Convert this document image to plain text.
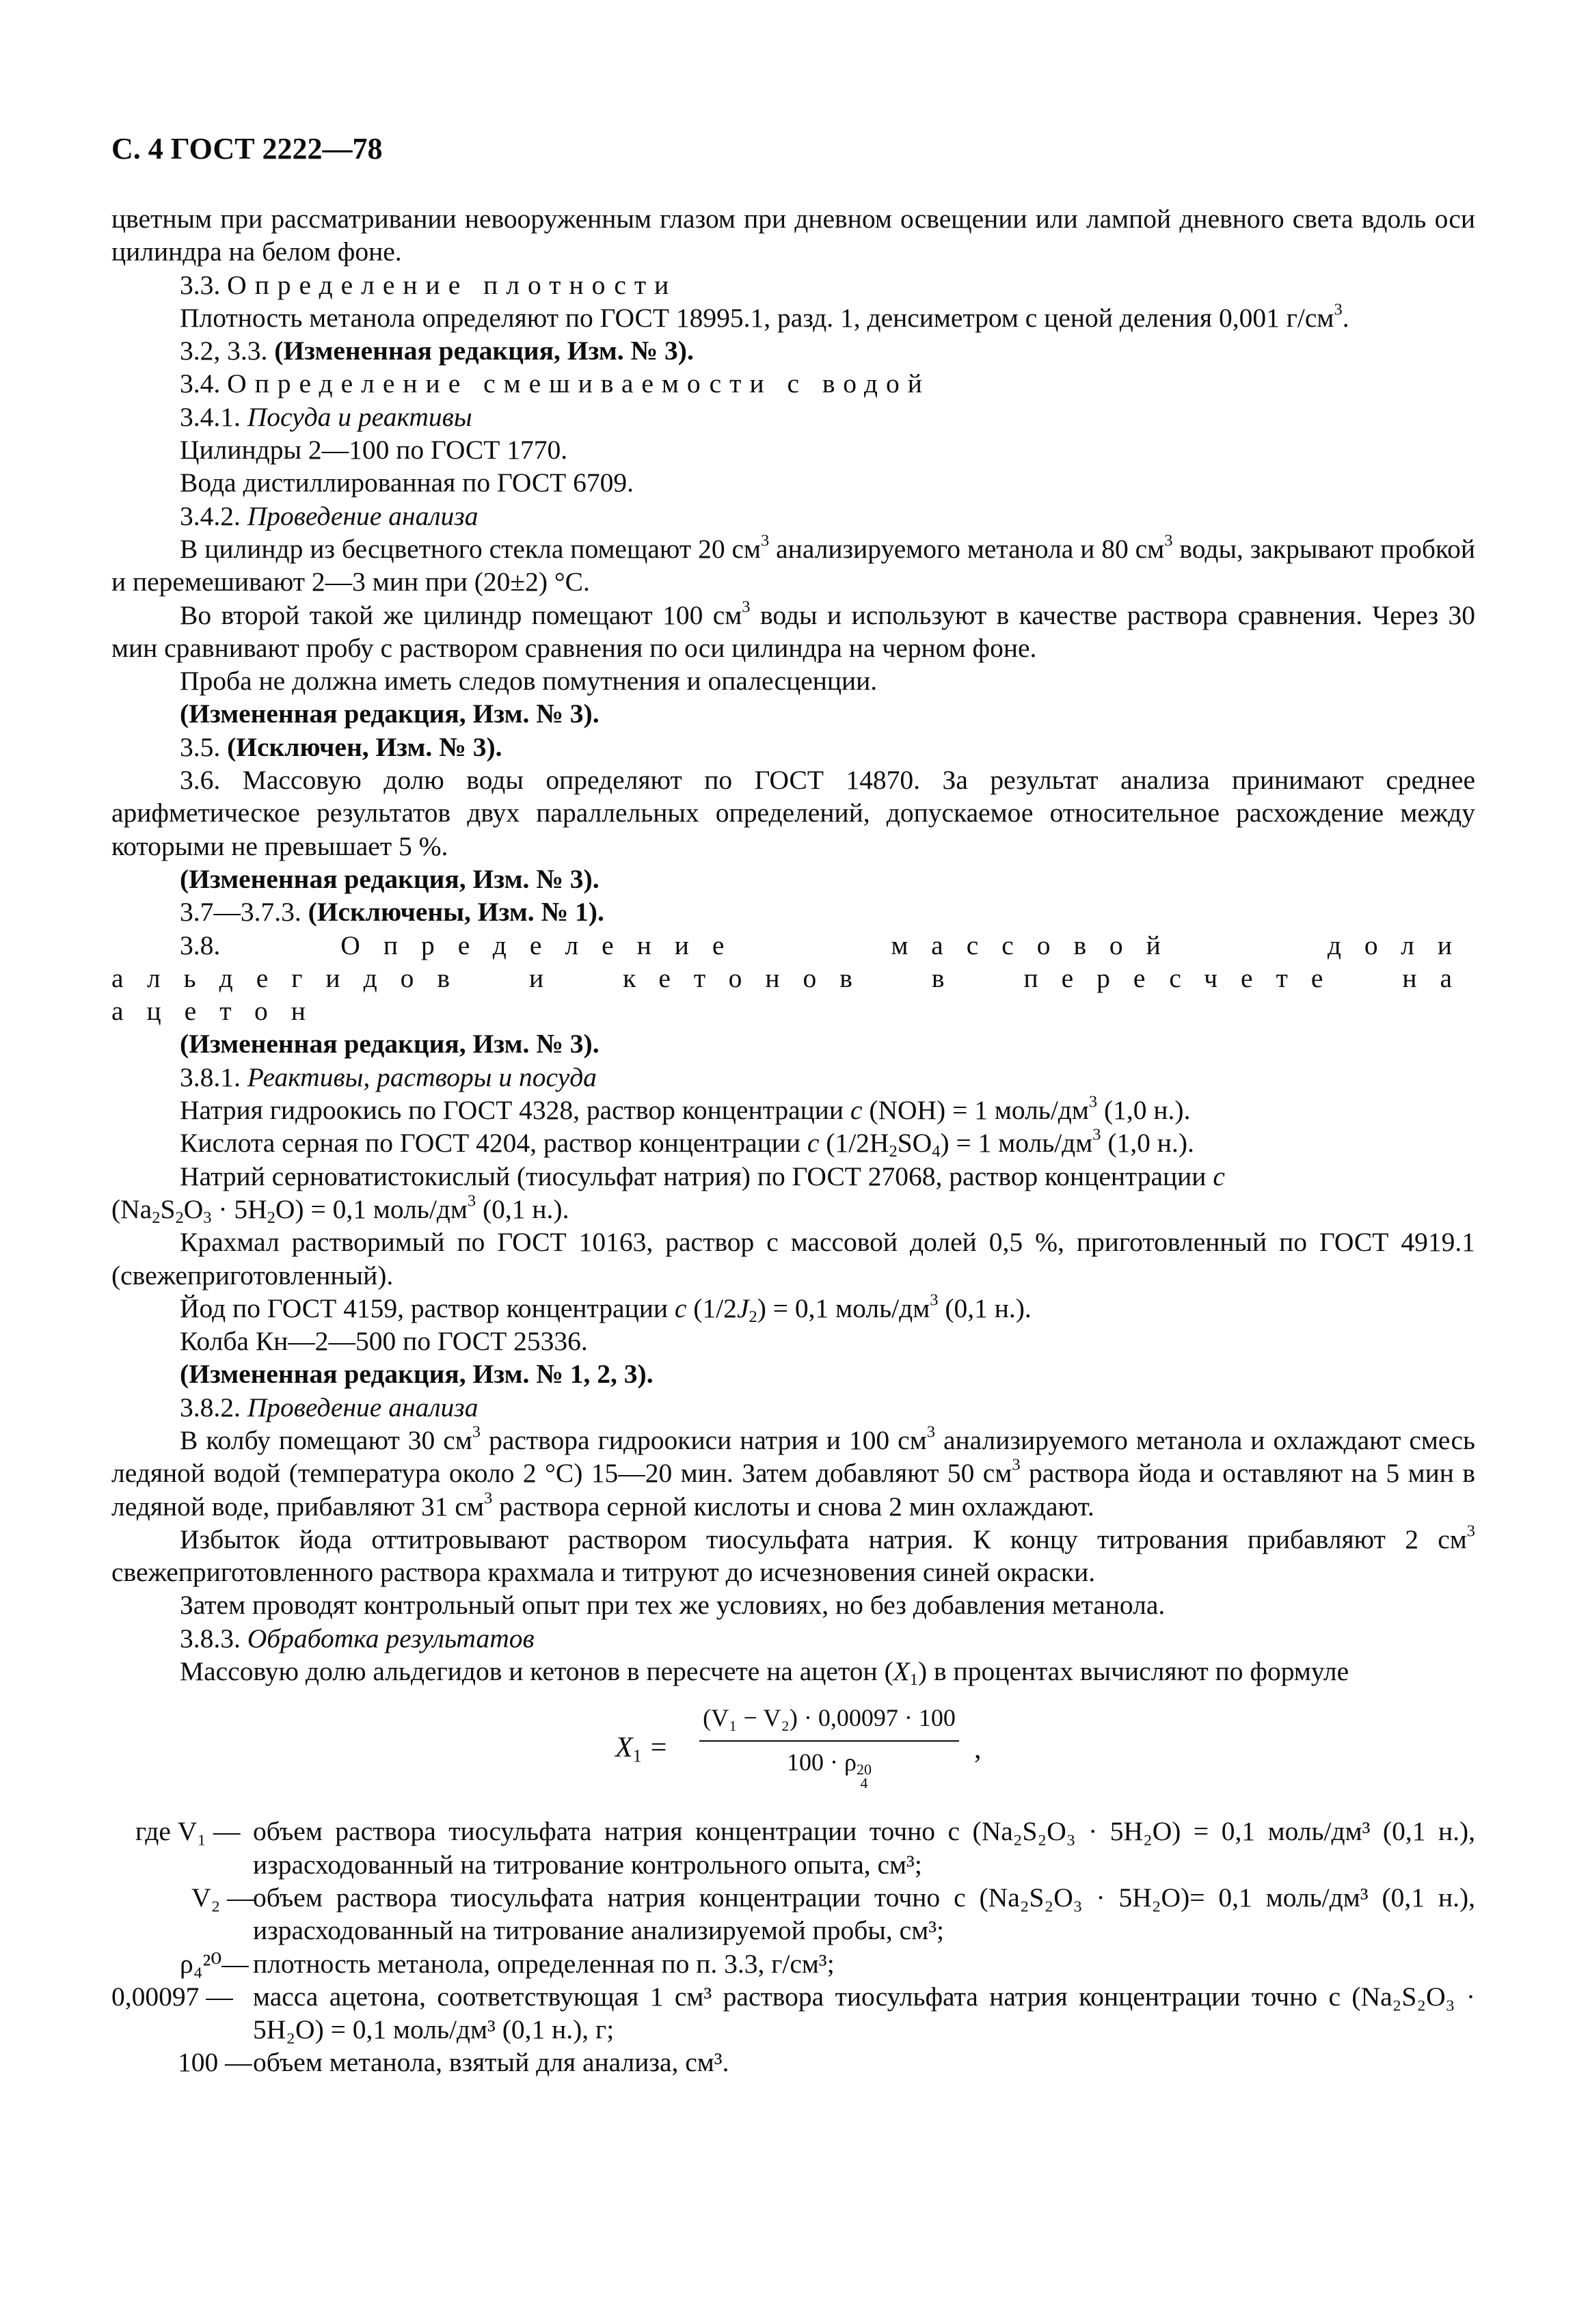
С. 4 ГОСТ 2222—78

цветным при рассматривании невооруженным глазом при дневном освещении или лампой дневного света вдоль оси цилиндра на белом фоне.

3.3. Определение плотности

Плотность метанола определяют по ГОСТ 18995.1, разд. 1, денсиметром с ценой деления 0,001 $г/см^3$.

3.2, 3.3. (Измененная редакция, Изм. № 3).

3.4. Определение смешиваемости с водой

3.4.1. Посуда и реактивы

Цилиндры 2—100 по ГОСТ 1770.

Вода дистиллированная по ГОСТ 6709.

3.4.2. Проведение анализа

В цилиндр из бесцветного стекла помещают 20 $см^3$ анализируемого метанола и 80 $см^3$ воды, закрывают пробкой и перемешивают 2—3 мин при (20±2) °С.

Во второй такой же цилиндр помещают 100 $см^3$ воды и используют в качестве раствора сравнения. Через 30 мин сравнивают пробу с раствором сравнения по оси цилиндра на черном фоне.

Проба не должна иметь следов помутнения и опалесценции.

(Измененная редакция, Изм. № 3).

3.5. (Исключен, Изм. № 3).

3.6. Массовую долю воды определяют по ГОСТ 14870. За результат анализа принимают среднее арифметическое результатов двух параллельных определений, допускаемое относительное расхождение между которыми не превышает 5 %.

(Измененная редакция, Изм. № 3).

3.7—3.7.3. (Исключены, Изм. № 1).

3.8.	Определение массовой доли альдегидов и кетонов в пересчете на ацетон

(Измененная редакция, Изм. № 3).

3.8.1. Реактивы, растворы и посуда

Натрия гидроокись по ГОСТ 4328, раствор концентрации с (NOH) = 1 моль/$дм^3$ (1,0 н.).

Кислота серная по ГОСТ 4204, раствор концентрации с $(1/2H_2SO_4) = 1$ моль/$дм^3$ (1,0 н.).

Натрий серноватистокислый (тиосульфат натрия) по ГОСТ 27068, раствор концентрации с
$(Na_2S_2O_3 \cdot 5H_2O) = 0,1$ моль/$дм^3$ (0,1 н.).

Крахмал растворимый по ГОСТ 10163, раствор с массовой долей 0,5 %, приготовленный по ГОСТ 4919.1 (свежеприготовленный).

Йод по ГОСТ 4159, раствор концентрации с $(1/2J_2) = 0,1$ моль/$дм^3$ (0,1 н.).

Колба Кн—2—500 по ГОСТ 25336.

(Измененная редакция, Изм. № 1, 2, 3).

3.8.2. Проведение анализа

В колбу помещают 30 $см^3$ раствора гидроокиси натрия и 100 $см^3$ анализируемого метанола и охлаждают смесь ледяной водой (температура около 2 °С) 15—20 мин. Затем добавляют 50 $см^3$ раствора йода и оставляют на 5 мин в ледяной воде, прибавляют 31 $см^3$ раствора серной кислоты и снова 2 мин охлаждают.

Избыток йода оттитровывают раствором тиосульфата натрия. К концу титрования прибавляют 2 $см^3$ свежеприготовленного раствора крахмала и титруют до исчезновения синей окраски.

Затем проводят контрольный опыт при тех же условиях, но без добавления метанола.

3.8.3. Обработка результатов

Массовую долю альдегидов и кетонов в пересчете на ацетон $(X_1)$ в процентах вычисляют по формуле

$X_1$ =
(V₁ − V₂) · 0,00097 · 100
100 · ρ 20
4
,
где V₁ — объем раствора тиосульфата натрия концентрации точно c (Na₂S₂O₃ · 5H₂O) = 0,1 моль/дм³ (0,1 н.), израсходованный на титрование контрольного опыта, см³;
V₂ —
объем раствора тиосульфата натрия концентрации точно c (Na₂S₂O₃ · 5H₂O)= 0,1 моль/дм³ (0,1 н.), израсходованный на титрование анализируемой пробы, см³;
ρ₄²⁰— плотность метанола, определенная по п. 3.3, г/см³;
0,00097 — масса ацетона, соответствующая 1 см³ раствора тиосульфата натрия концентрации точно c (Na₂S₂O₃ · 5H₂O) = 0,1 моль/дм³ (0,1 н.), г;
100 — объем метанола, взятый для анализа, см³.
